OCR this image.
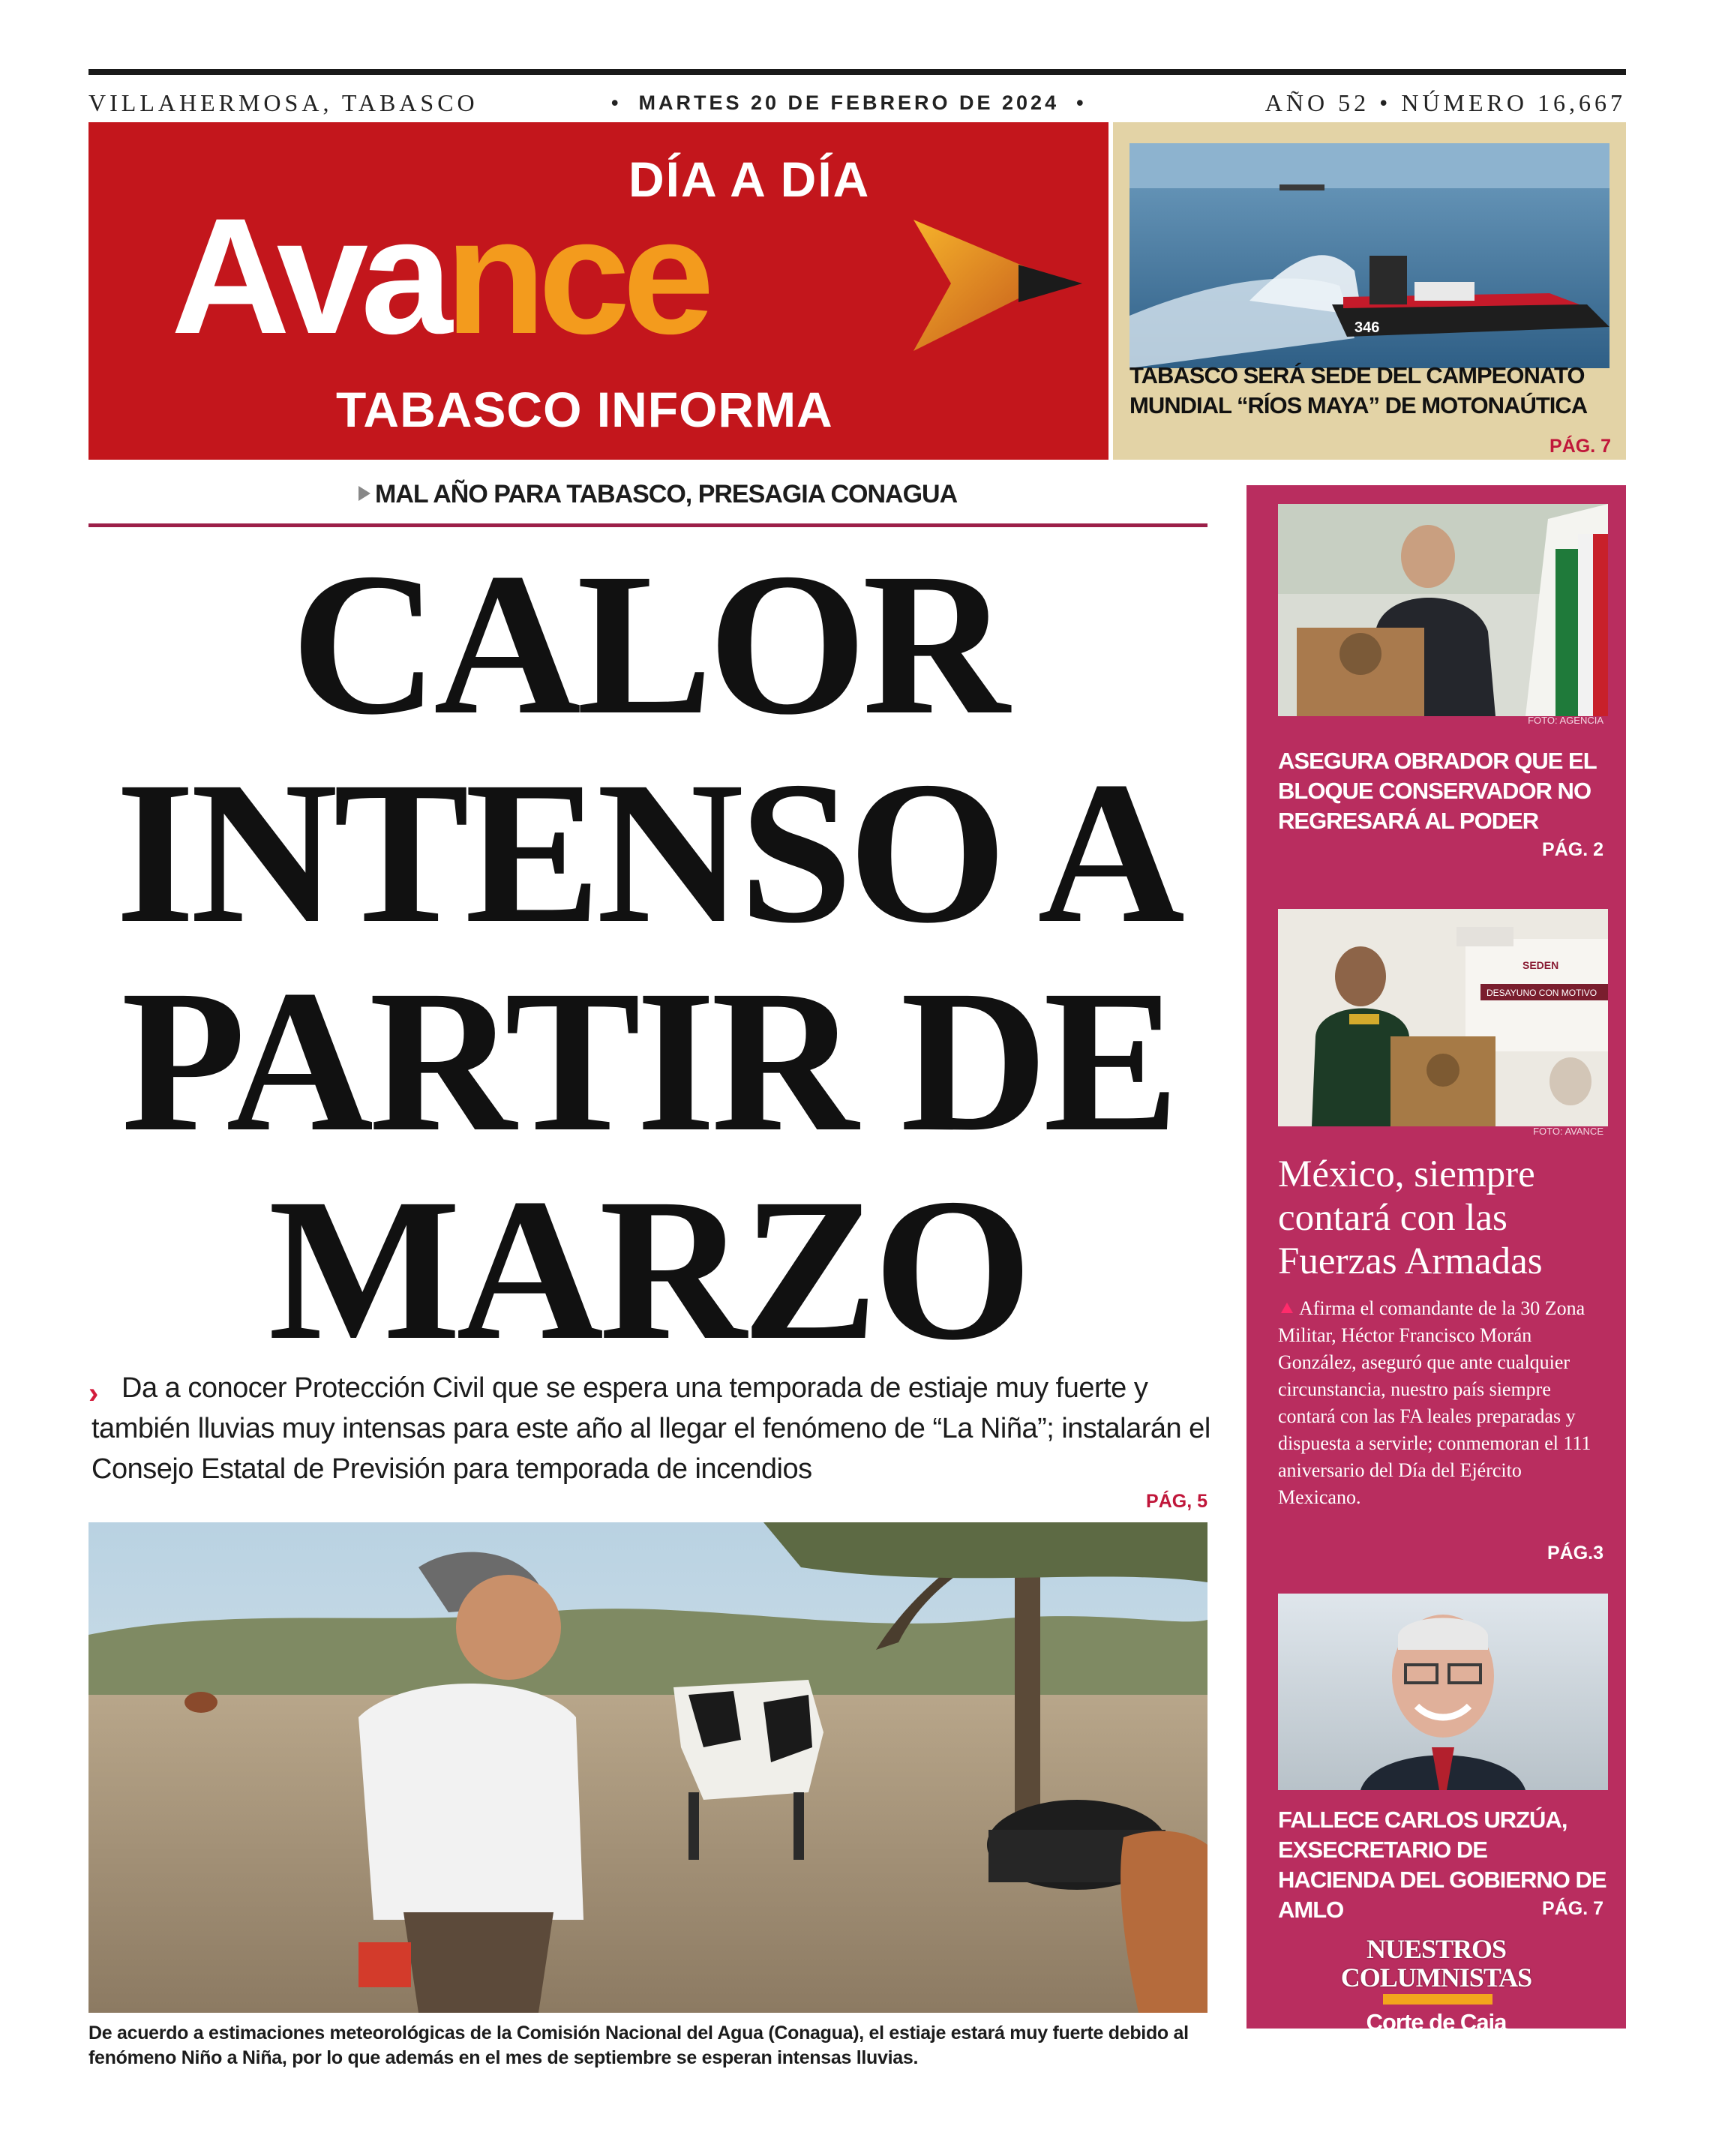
VILLAHERMOSA, TABASCO	• MARTES 20 DE FEBRERO DE 2024 •	AÑO 52 • NÚMERO 16,667
DÍA A DÍA
Avance
TABASCO INFORMA
346
TABASCO SERÁ SEDE DEL CAMPEONATO MUNDIAL “RÍOS MAYA” DE MOTONAÚTICA
PÁG. 7
MAL AÑO PARA TABASCO, PRESAGIA CONAGUA
CALOR
INTENSO A
PARTIR DE
MARZO
› Da a conocer Protección Civil que se espera una temporada de estiaje muy fuerte y también lluvias muy intensas para este año al llegar el fenómeno de “La Niña”; instalarán el Consejo Estatal de Previsión para temporada de incendios
PÁG, 5
De acuerdo a estimaciones meteorológicas de la Comisión Nacional del Agua (Conagua), el estiaje estará muy fuerte debido al fenómeno Niño a Niña, por lo que además en el mes de septiembre se esperan intensas lluvias.
FOTO: AGENCIA
ASEGURA OBRADOR QUE EL BLOQUE CONSERVADOR NO REGRESARÁ AL PODER
PÁG. 2
SEDEN
DESAYUNO CON MOTIVO
FOTO: AVANCE
México, siempre contará con las Fuerzas Armadas
Afirma el comandante de la 30 Zona Militar, Héctor Francisco Morán González, aseguró que ante cualquier circunstancia, nuestro país siempre contará con las FA leales preparadas y dispuesta a servirle; conmemoran el 111 aniversario del Día del Ejército Mexicano.
PÁG.3
FALLECE CARLOS URZÚA, EXSECRETARIO DE HACIENDA DEL GOBIERNO DE AMLO	PÁG. 7
NUESTROS
COLUMNISTAS
Corte de Caja
Por José Martínez
